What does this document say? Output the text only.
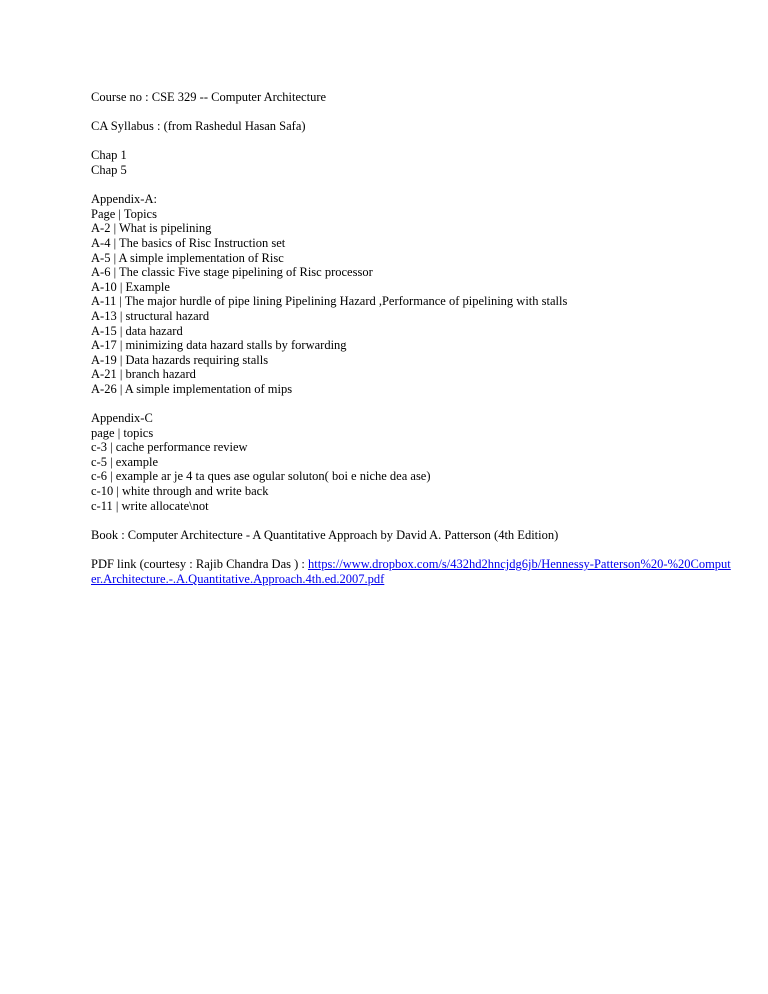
Course no : CSE 329 -- Computer Architecture
CA Syllabus : (from Rashedul Hasan Safa)
Chap 1
Chap 5
Appendix-A:
Page | Topics
A-2 | What is pipelining
A-4 | The basics of Risc Instruction set
A-5 | A simple implementation of Risc
A-6 | The classic Five stage pipelining of Risc processor
A-10 | Example
A-11 | The major hurdle of pipe lining Pipelining Hazard ,Performance of pipelining with stalls
A-13 | structural hazard
A-15 | data hazard
A-17 | minimizing data hazard stalls by forwarding
A-19 | Data hazards requiring stalls
A-21 | branch hazard
A-26 | A simple implementation of mips
Appendix-C
page | topics
c-3 | cache performance review
c-5 | example
c-6 | example ar je 4 ta ques ase ogular soluton( boi e niche dea ase)
c-10 | white through and write back
c-11 | write allocate\not
Book : Computer Architecture - A Quantitative Approach by David A. Patterson (4th Edition)
PDF link (courtesy : Rajib Chandra Das ) : https://www.dropbox.com/s/432hd2hncjdg6jb/Hennessy-Patterson%20-%20Computer.Architecture.-.A.Quantitative.Approach.4th.ed.2007.pdf
